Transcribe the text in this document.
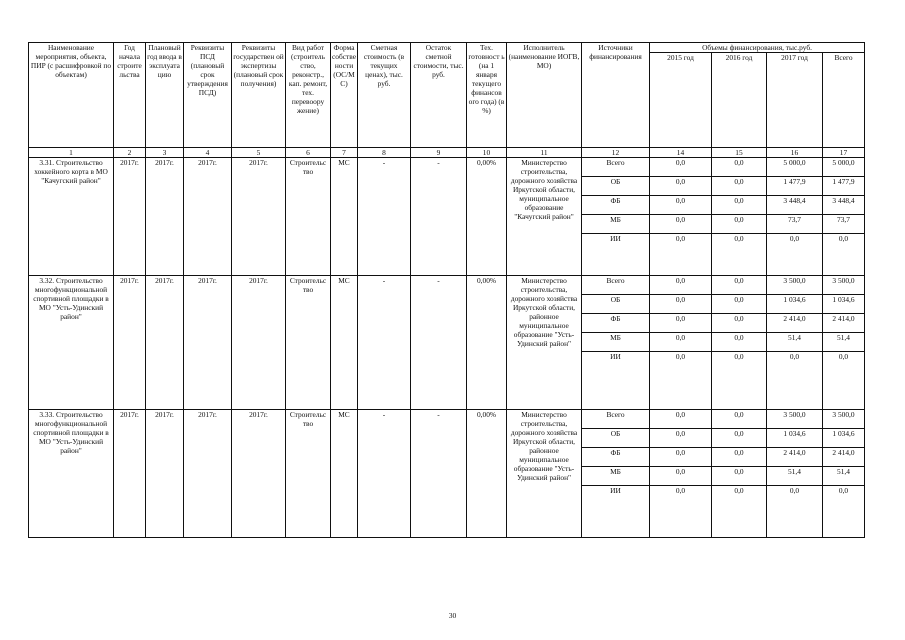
Наименование мероприятия, объекта, ПИР (с расшифровкой по объектам)	Год начала строите льства	Плановый год ввода в эксплуата цию	Реквизиты ПСД (плановый срок утверждения ПСД)	Реквизиты государствен ой экспертизы (плановый срок получения)	Вид работ (строитель ство, реконстр., кап. ремонт, тех. перевоору жение)	Форма собстве ности (ОС/М С)	Сметная стоимость (в текущих ценах), тыс. руб.	Остаток сметной стоимости, тыс. руб.	Тех. готовност ь (на 1 января текущего финансов ого года) (в %)	Исполнитель (наименование ИОГВ, МО)	Источники финансирования	Объемы финансирования, тыс.руб.			
												2015 год	2016 год	2017 год	Всего
1	2	3	4	5	6	7	8	9	10	11	12	14	15	16	17
3.31. Строительство хоккейного корта в МО "Качугский район"	2017г.	2017г.	2017г.	2017г.	Строительс тво	МС	-	-	0,00%	Министерство строительства, дорожного хозяйства Иркутской области, муниципальное образование "Качугский район"	Всего	0,0	0,0	5 000,0	5 000,0
											ОБ	0,0	0,0	1 477,9	1 477,9
											ФБ	0,0	0,0	3 448,4	3 448,4
											МБ	0,0	0,0	73,7	73,7
											ИИ	0,0	0,0	0,0	0,0
3.32. Строительство многофункциональной спортивной площадки в МО "Усть-Удинский район"	2017г.	2017г.	2017г.	2017г.	Строительс тво	МС	-	-	0,00%	Министерство строительства, дорожного хозяйства Иркутской области, районное муниципальное образование "Усть-Удинский район"	Всего	0,0	0,0	3 500,0	3 500,0
											ОБ	0,0	0,0	1 034,6	1 034,6
											ФБ	0,0	0,0	2 414,0	2 414,0
											МБ	0,0	0,0	51,4	51,4
											ИИ	0,0	0,0	0,0	0,0
3.33. Строительство многофункциональной спортивной площадки в МО "Усть-Удинский район"	2017г.	2017г.	2017г.	2017г.	Строительс тво	МС	-	-	0,00%	Министерство строительства, дорожного хозяйства Иркутской области, районное муниципальное образование "Усть-Удинский район"	Всего	0,0	0,0	3 500,0	3 500,0
											ОБ	0,0	0,0	1 034,6	1 034,6
											ФБ	0,0	0,0	2 414,0	2 414,0
											МБ	0,0	0,0	51,4	51,4
											ИИ	0,0	0,0	0,0	0,0
30
